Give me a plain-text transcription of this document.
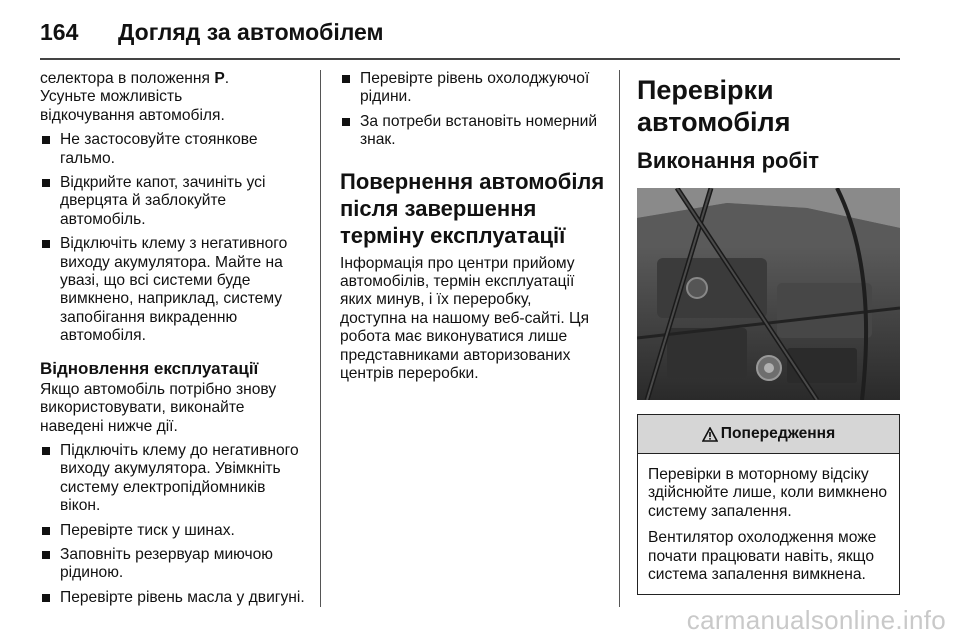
164 Догляд за автомобілем

селектора в положення P.
Усуньте можливість
відкочування автомобіля.

Не застосовуйте стоянкове гальмо.
Відкрийте капот, зачиніть усі дверцята й заблокуйте автомобіль.
Відключіть клему з негативного виходу акумулятора. Майте на увазі, що всі системи буде вимкнено, наприклад, систему запобігання викраденню автомобіля.
Відновлення експлуатації

Якщо автомобіль потрібно знову використовувати, виконайте наведені нижче дії.

Підключіть клему до негативного виходу акумулятора. Увімкніть систему електропідйомників вікон.
Перевірте тиск у шинах.
Заповніть резервуар миючою рідиною.
Перевірте рівень масла у двигуні.
Перевірте рівень охолоджуючої рідини.
За потреби встановіть номерний знак.
Повернення автомобіля після завершення терміну експлуатації

Інформація про центри прийому автомобілів, термін експлуатації яких минув, і їх переробку, доступна на нашому веб-сайті. Ця робота має виконуватися лише представниками авторизованих центрів переробки.

Перевірки автомобіля

Виконання робіт

Попередження

Перевірки в моторному відсіку здійснюйте лише, коли вимкнено систему запалення.

Вентилятор охолодження може почати працювати навіть, якщо система запалення вимкнена.

carmanualsonline.info
